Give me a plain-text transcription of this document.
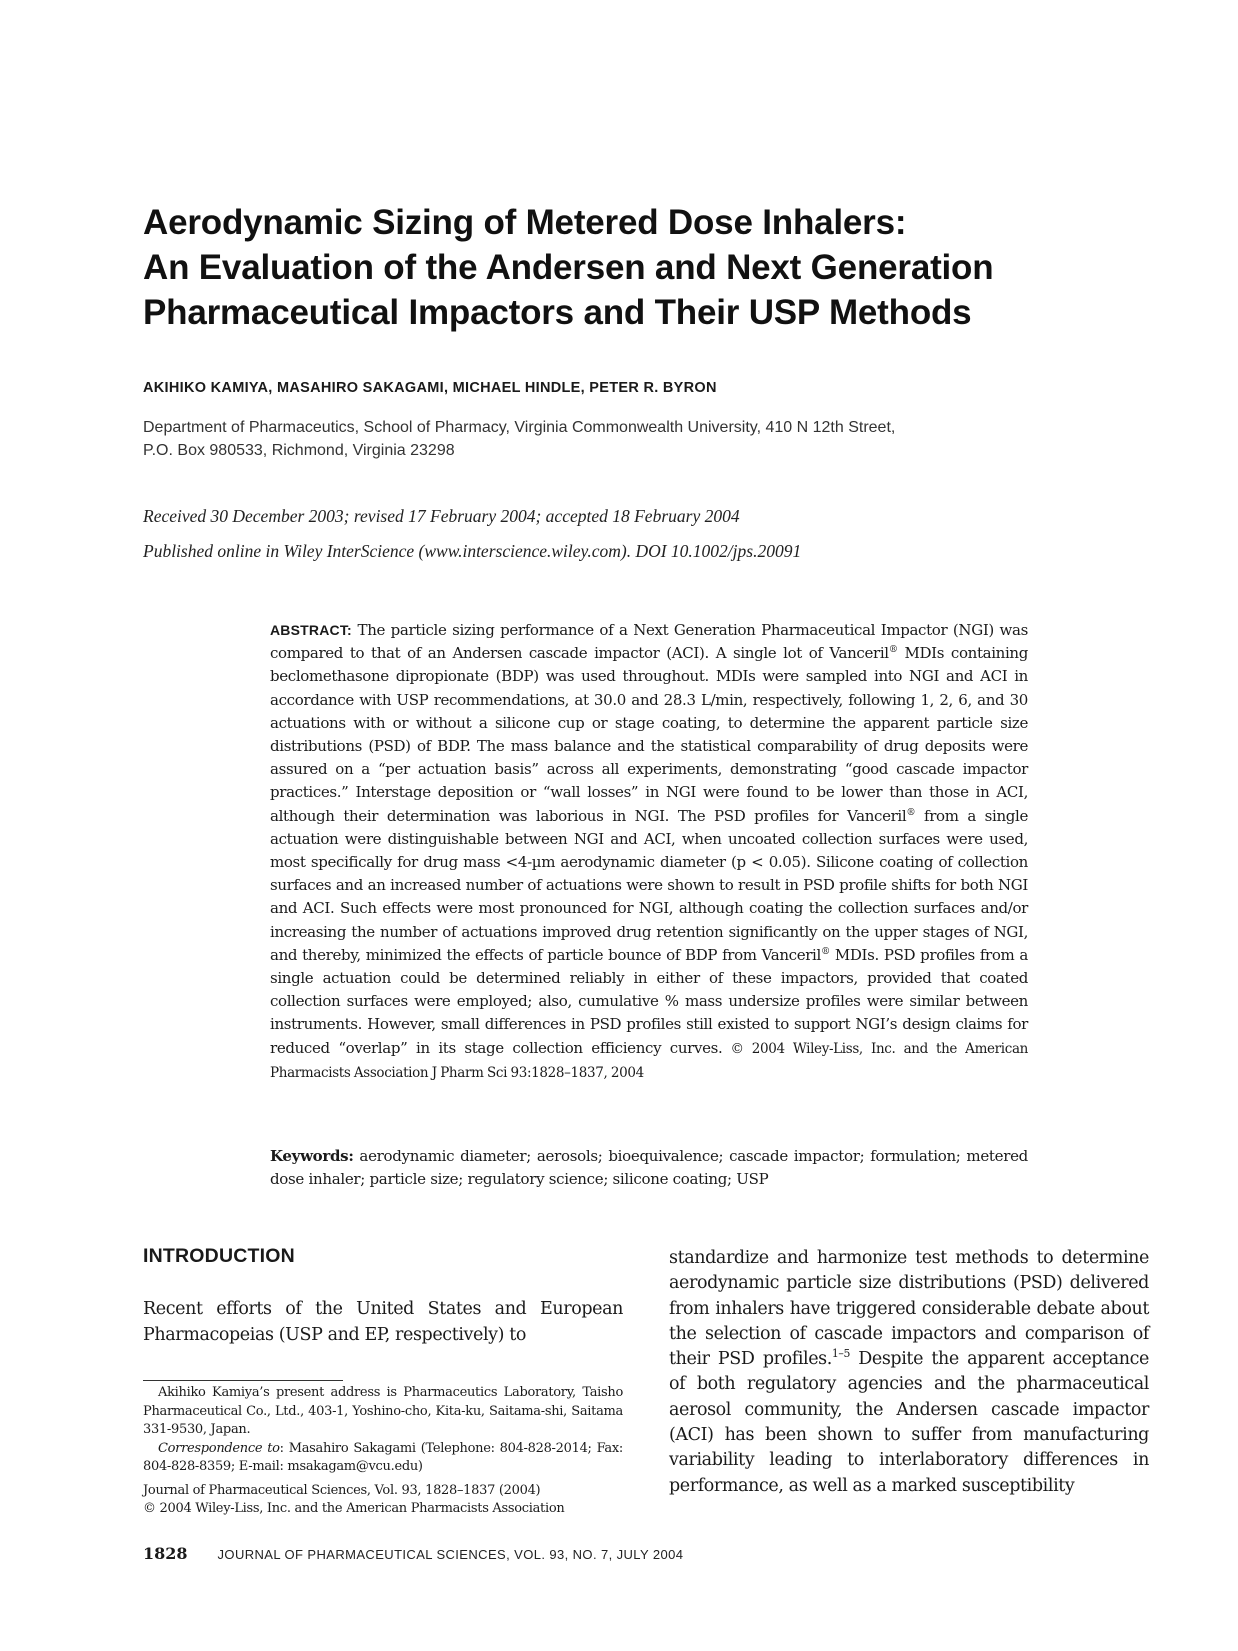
Aerodynamic Sizing of Metered Dose Inhalers:
An Evaluation of the Andersen and Next Generation
Pharmaceutical Impactors and Their USP Methods
AKIHIKO KAMIYA, MASAHIRO SAKAGAMI, MICHAEL HINDLE, PETER R. BYRON
Department of Pharmaceutics, School of Pharmacy, Virginia Commonwealth University, 410 N 12th Street,
P.O. Box 980533, Richmond, Virginia 23298
Received 30 December 2003; revised 17 February 2004; accepted 18 February 2004
Published online in Wiley InterScience (www.interscience.wiley.com). DOI 10.1002/jps.20091
ABSTRACT: The particle sizing performance of a Next Generation Pharmaceutical Impactor (NGI) was compared to that of an Andersen cascade impactor (ACI). A single lot of Vanceril® MDIs containing beclomethasone dipropionate (BDP) was used throughout. MDIs were sampled into NGI and ACI in accordance with USP recommendations, at 30.0 and 28.3 L/min, respectively, following 1, 2, 6, and 30 actuations with or without a silicone cup or stage coating, to determine the apparent particle size distributions (PSD) of BDP. The mass balance and the statistical comparability of drug deposits were assured on a “per actuation basis” across all experiments, demonstrating “good cascade impactor practices.” Interstage deposition or “wall losses” in NGI were found to be lower than those in ACI, although their determination was laborious in NGI. The PSD profiles for Vanceril® from a single actuation were distinguishable between NGI and ACI, when uncoated collection surfaces were used, most specifically for drug mass <4-µm aerodynamic diameter (p < 0.05). Silicone coating of collection surfaces and an increased number of actuations were shown to result in PSD profile shifts for both NGI and ACI. Such effects were most pronounced for NGI, although coating the collection surfaces and/or increasing the number of actuations improved drug retention significantly on the upper stages of NGI, and thereby, minimized the effects of particle bounce of BDP from Vanceril® MDIs. PSD profiles from a single actuation could be determined reliably in either of these impactors, provided that coated collection surfaces were employed; also, cumulative % mass undersize profiles were similar between instruments. However, small differences in PSD profiles still existed to support NGI’s design claims for reduced “overlap” in its stage collection efficiency curves. © 2004 Wiley-Liss, Inc. and the American Pharmacists Association J Pharm Sci 93:1828–1837, 2004
Keywords: aerodynamic diameter; aerosols; bioequivalence; cascade impactor; formulation; metered dose inhaler; particle size; regulatory science; silicone coating; USP
INTRODUCTION
Recent efforts of the United States and European Pharmacopeias (USP and EP, respectively) to

Akihiko Kamiya’s present address is Pharmaceutics Laboratory, Taisho Pharmaceutical Co., Ltd., 403-1, Yoshino-cho, Kita-ku, Saitama-shi, Saitama 331-9530, Japan.

Correspondence to: Masahiro Sakagami (Telephone: 804-828-2014; Fax: 804-828-8359; E-mail: msakagam@vcu.edu)

Journal of Pharmaceutical Sciences, Vol. 93, 1828–1837 (2004)

© 2004 Wiley-Liss, Inc. and the American Pharmacists Association

standardize and harmonize test methods to determine aerodynamic particle size distributions (PSD) delivered from inhalers have triggered considerable debate about the selection of cascade impactors and comparison of their PSD profiles.$^{1-5}$ Despite the apparent acceptance of both regulatory agencies and the pharmaceutical aerosol community, the Andersen cascade impactor (ACI) has been shown to suffer from manufacturing variability leading to interlaboratory differences in performance, as well as a marked susceptibility
1828 JOURNAL OF PHARMACEUTICAL SCIENCES, VOL. 93, NO. 7, JULY 2004
